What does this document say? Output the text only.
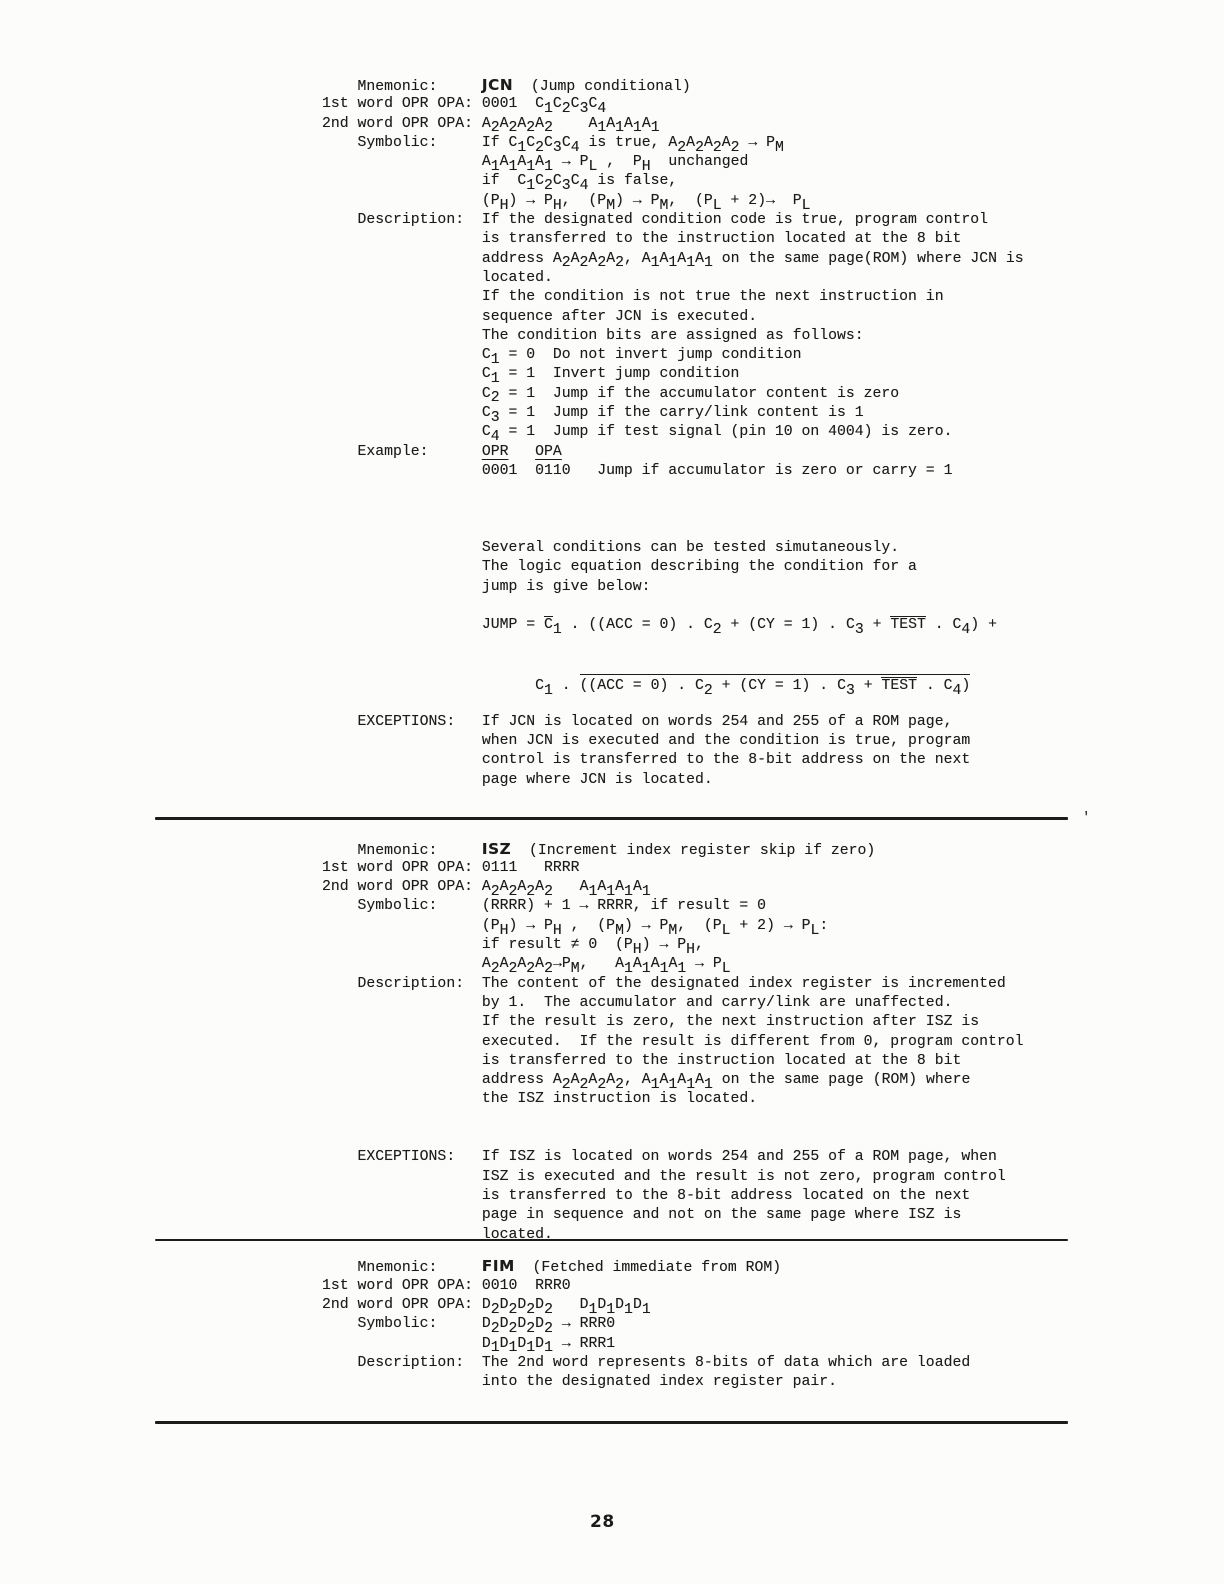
Mnemonic:     JCN  (Jump conditional)
1st word OPR OPA: 0001  C1C2C3C4
2nd word OPR OPA: A2A2A2A2    A1A1A1A1
Symbolic:     If C1C2C3C4 is true, A2A2A2A2 → PM
A1A1A1A1 → PL ,  PH  unchanged
if  C1C2C3C4 is false,
(PH) → PH,  (PM) → PM,  (PL + 2)→  PL
Description:  If the designated condition code is true, program control
is transferred to the instruction located at the 8 bit
address A2A2A2A2, A1A1A1A1 on the same page(ROM) where JCN is
located.
If the condition is not true the next instruction in
sequence after JCN is executed.
The condition bits are assigned as follows:
C1 = 0  Do not invert jump condition
C1 = 1  Invert jump condition
C2 = 1  Jump if the accumulator content is zero
C3 = 1  Jump if the carry/link content is 1
C4 = 1  Jump if test signal (pin 10 on 4004) is zero.
Example:      OPR OPA
0001  0110   Jump if accumulator is zero or carry = 1
Several conditions can be tested simutaneously.
The logic equation describing the condition for a
jump is give below:
JUMP = C1 . ((ACC = 0) . C2 + (CY = 1) . C3 + TEST . C4) +
C1 . ((ACC = 0) . C2 + (CY = 1) . C3 + TEST . C4)
EXCEPTIONS:   If JCN is located on words 254 and 255 of a ROM page,
when JCN is executed and the condition is true, program
control is transferred to the 8-bit address on the next
page where JCN is located.
Mnemonic:     ISZ  (Increment index register skip if zero)
1st word OPR OPA: 0111   RRRR
2nd word OPR OPA: A2A2A2A2   A1A1A1A1
Symbolic:     (RRRR) + 1 → RRRR, if result = 0
(PH) → PH ,  (PM) → PM,  (PL + 2) → PL:
if result ≠ 0  (PH) → PH,
A2A2A2A2→PM,   A1A1A1A1 → PL
Description:  The content of the designated index register is incremented
by 1.  The accumulator and carry/link are unaffected.
If the result is zero, the next instruction after ISZ is
executed.  If the result is different from 0, program control
is transferred to the instruction located at the 8 bit
address A2A2A2A2, A1A1A1A1 on the same page (ROM) where
the ISZ instruction is located.
EXCEPTIONS:   If ISZ is located on words 254 and 255 of a ROM page, when
ISZ is executed and the result is not zero, program control
is transferred to the 8-bit address located on the next
page in sequence and not on the same page where ISZ is
located.
Mnemonic:     FIM  (Fetched immediate from ROM)
1st word OPR OPA: 0010  RRR0
2nd word OPR OPA: D2D2D2D2   D1D1D1D1
Symbolic:     D2D2D2D2 → RRR0
D1D1D1D1 → RRR1
Description:  The 2nd word represents 8-bits of data which are loaded
into the designated index register pair.
28
'
